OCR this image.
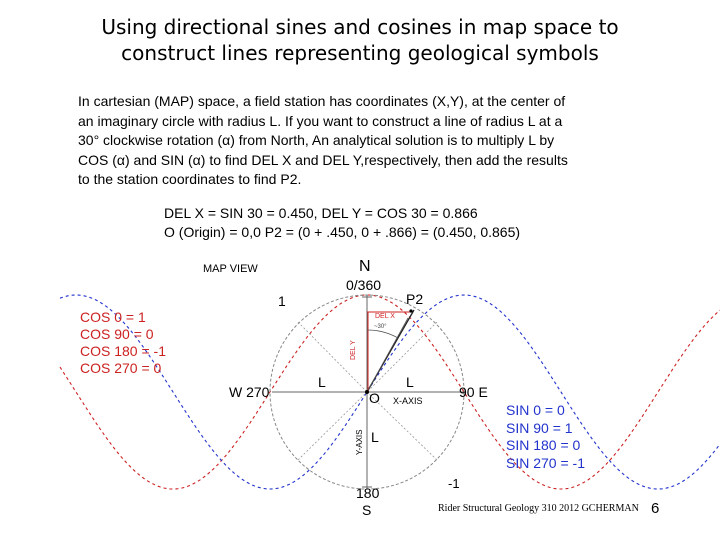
Using directional sines and cosines in map space to
construct lines representing geological symbols
In cartesian (MAP) space, a field station has coordinates (X,Y), at the center of
an imaginary circle with radius L. If you want to construct a line of radius L at a
30° clockwise rotation (α) from North, An analytical solution is to multiply L by
COS (α) and SIN (α) to find DEL X and DEL Y,respectively, then add the results
to the station coordinates to find P2.
DEL X = SIN 30 = 0.450, DEL Y = COS 30 = 0.866
O (Origin) = 0,0 P2 = (0 + .450, 0 + .866) = (0.450, 0.865)
MAP VIEW	N
0/360
1	P2
DEL X
~30°
DEL Y
L	L
W 270	90 E
O X-AXIS
Y-AXIS L
-1
180
S
COS 0 = 1
COS 90 = 0
COS 180 = -1
COS 270 = 0
SIN 0 = 0
SIN 90 = 1
SIN 180 = 0
SIN 270 = -1
Rider Structural Geology 310 2012 GCHERMAN 6
